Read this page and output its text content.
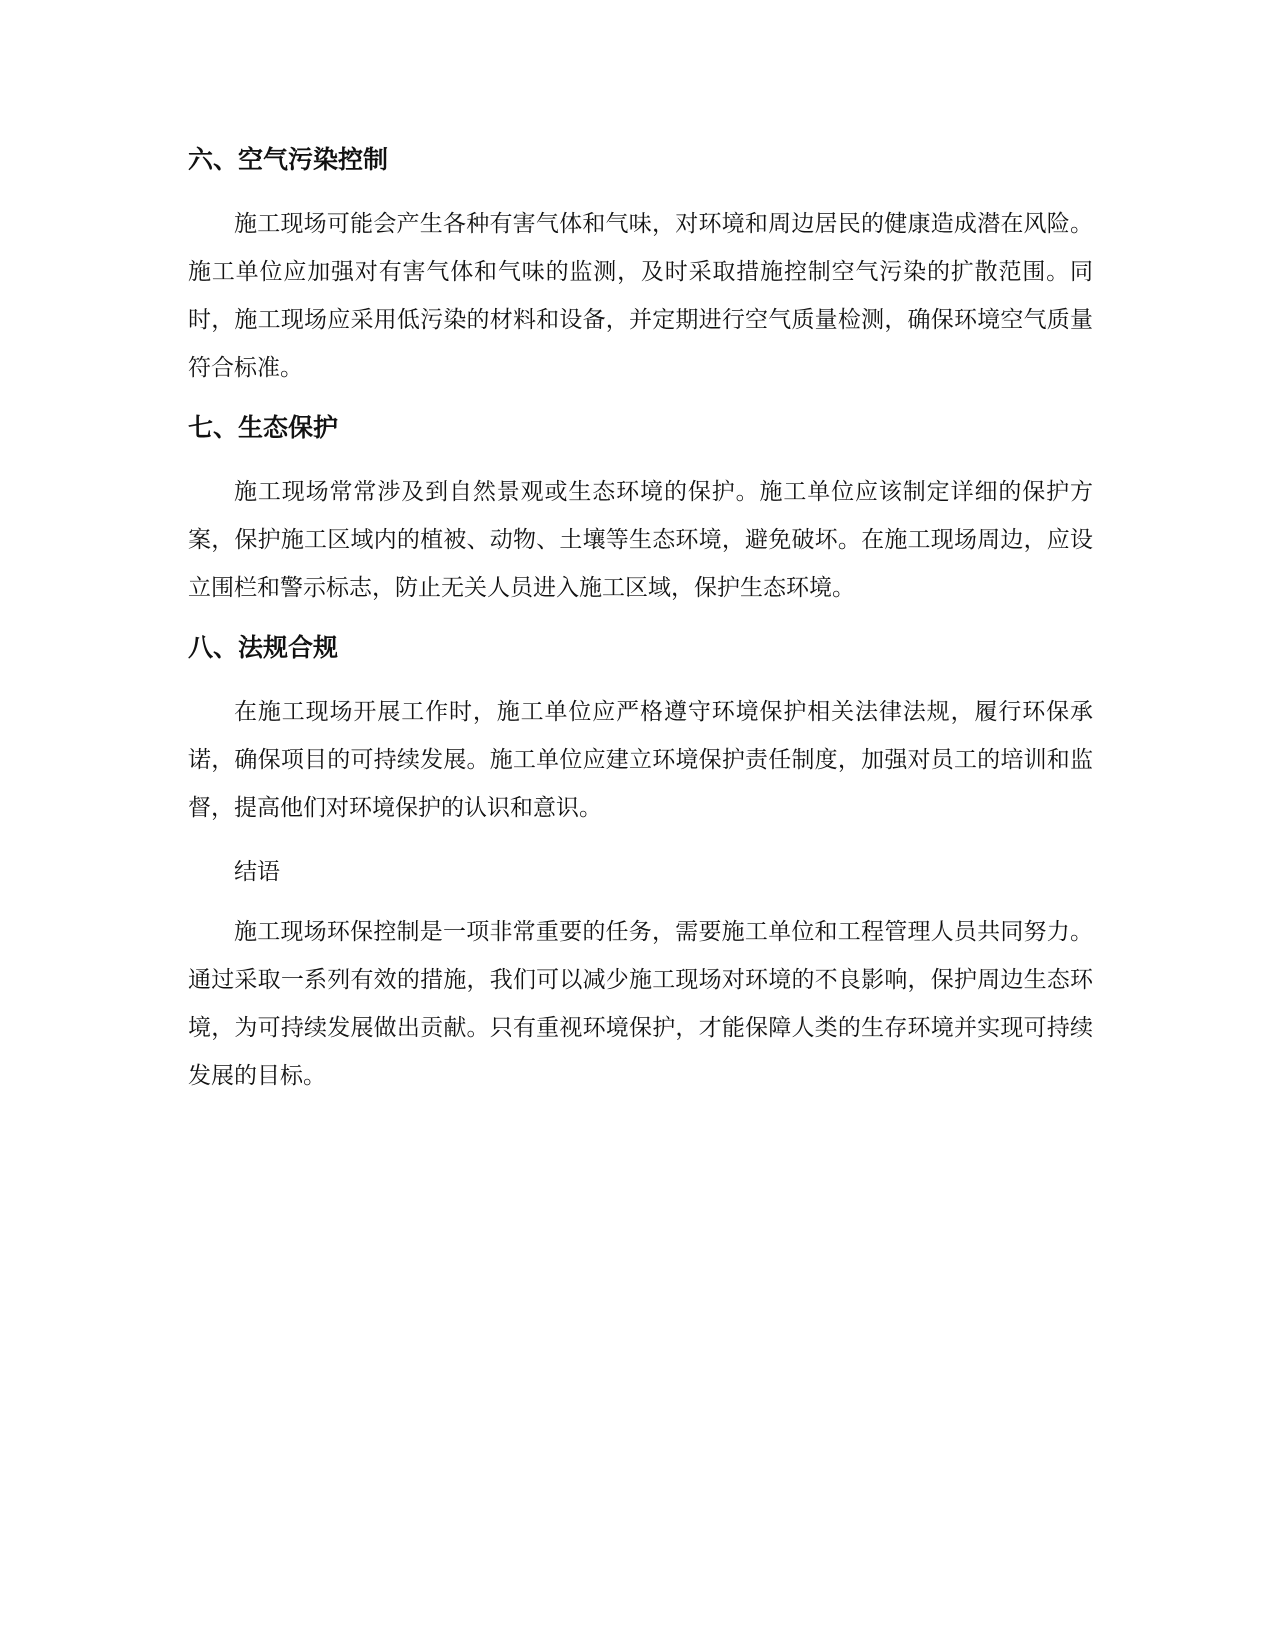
六、空气污染控制
施工现场可能会产生各种有害气体和气味，对环境和周边居民的健康造成潜在风险。施工单位应加强对有害气体和气味的监测，及时采取措施控制空气污染的扩散范围。同时，施工现场应采用低污染的材料和设备，并定期进行空气质量检测，确保环境空气质量符合标准。
七、生态保护
施工现场常常涉及到自然景观或生态环境的保护。施工单位应该制定详细的保护方案，保护施工区域内的植被、动物、土壤等生态环境，避免破坏。在施工现场周边，应设立围栏和警示标志，防止无关人员进入施工区域，保护生态环境。
八、法规合规
在施工现场开展工作时，施工单位应严格遵守环境保护相关法律法规，履行环保承诺，确保项目的可持续发展。施工单位应建立环境保护责任制度，加强对员工的培训和监督，提高他们对环境保护的认识和意识。
结语
施工现场环保控制是一项非常重要的任务，需要施工单位和工程管理人员共同努力。通过采取一系列有效的措施，我们可以减少施工现场对环境的不良影响，保护周边生态环境，为可持续发展做出贡献。只有重视环境保护，才能保障人类的生存环境并实现可持续发展的目标。
